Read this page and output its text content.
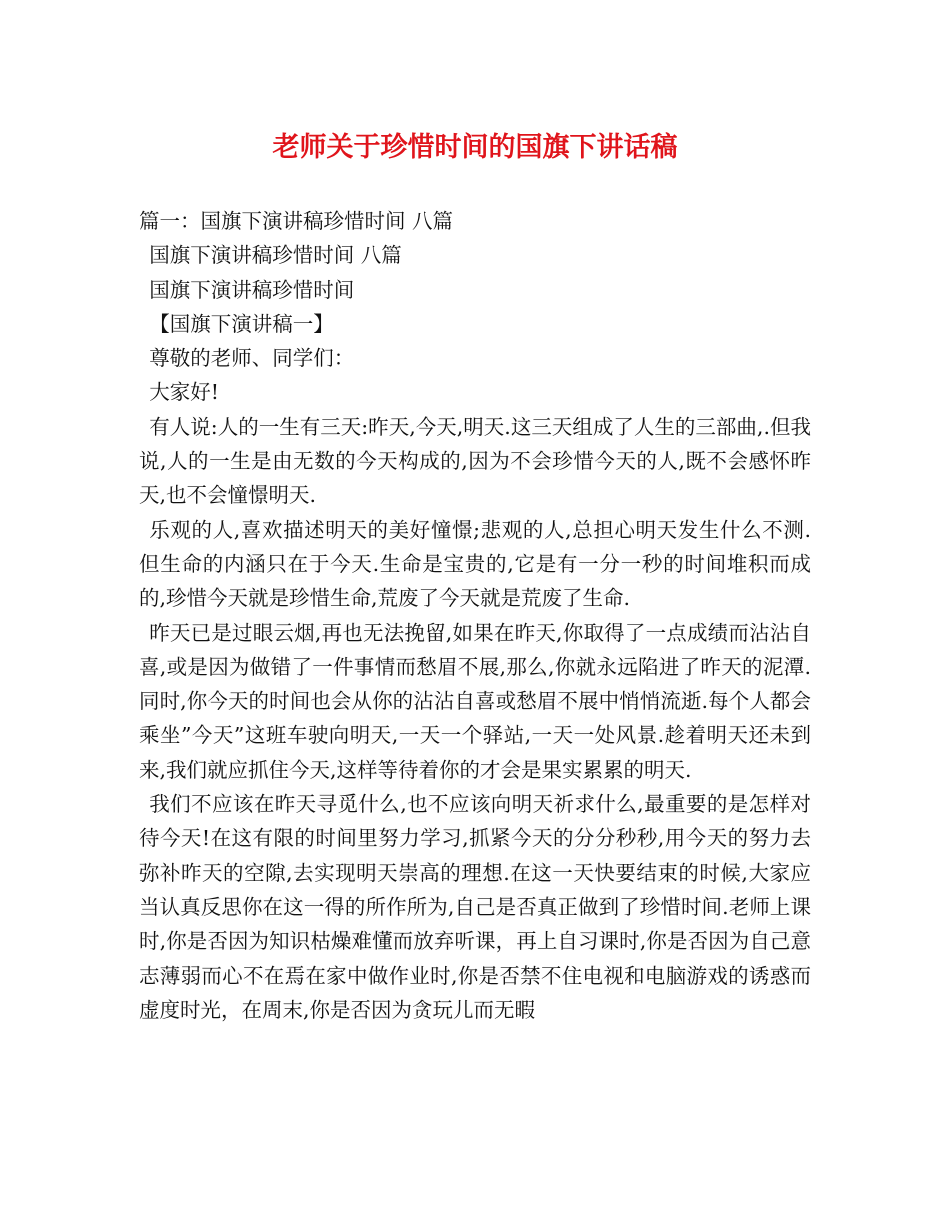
老师关于珍惜时间的国旗下讲话稿
篇一：国旗下演讲稿珍惜时间 八篇
国旗下演讲稿珍惜时间 八篇
国旗下演讲稿珍惜时间
【国旗下演讲稿一】
尊敬的老师、同学们：
大家好!
有人说:人的一生有三天:昨天,今天,明天.这三天组成了人生的三部曲,.但我说,人的一生是由无数的今天构成的,因为不会珍惜今天的人,既不会感怀昨天,也不会憧憬明天.
乐观的人,喜欢描述明天的美好憧憬;悲观的人,总担心明天发生什么不测.但生命的内涵只在于今天.生命是宝贵的,它是有一分一秒的时间堆积而成的,珍惜今天就是珍惜生命,荒废了今天就是荒废了生命.
昨天已是过眼云烟,再也无法挽留,如果在昨天,你取得了一点成绩而沾沾自喜,或是因为做错了一件事情而愁眉不展,那么,你就永远陷进了昨天的泥潭.同时,你今天的时间也会从你的沾沾自喜或愁眉不展中悄悄流逝.每个人都会乘坐”今天”这班车驶向明天,一天一个驿站,一天一处风景.趁着明天还未到来,我们就应抓住今天,这样等待着你的才会是果实累累的明天.
我们不应该在昨天寻觅什么,也不应该向明天祈求什么,最重要的是怎样对待今天!在这有限的时间里努力学习,抓紧今天的分分秒秒,用今天的努力去弥补昨天的空隙,去实现明天崇高的理想.在这一天快要结束的时候,大家应当认真反思你在这一得的所作所为,自己是否真正做到了珍惜时间.老师上课时,你是否因为知识枯燥难懂而放弃听课，再上自习课时,你是否因为自己意志薄弱而心不在焉在家中做作业时,你是否禁不住电视和电脑游戏的诱惑而虚度时光，在周末,你是否因为贪玩儿而无暇
